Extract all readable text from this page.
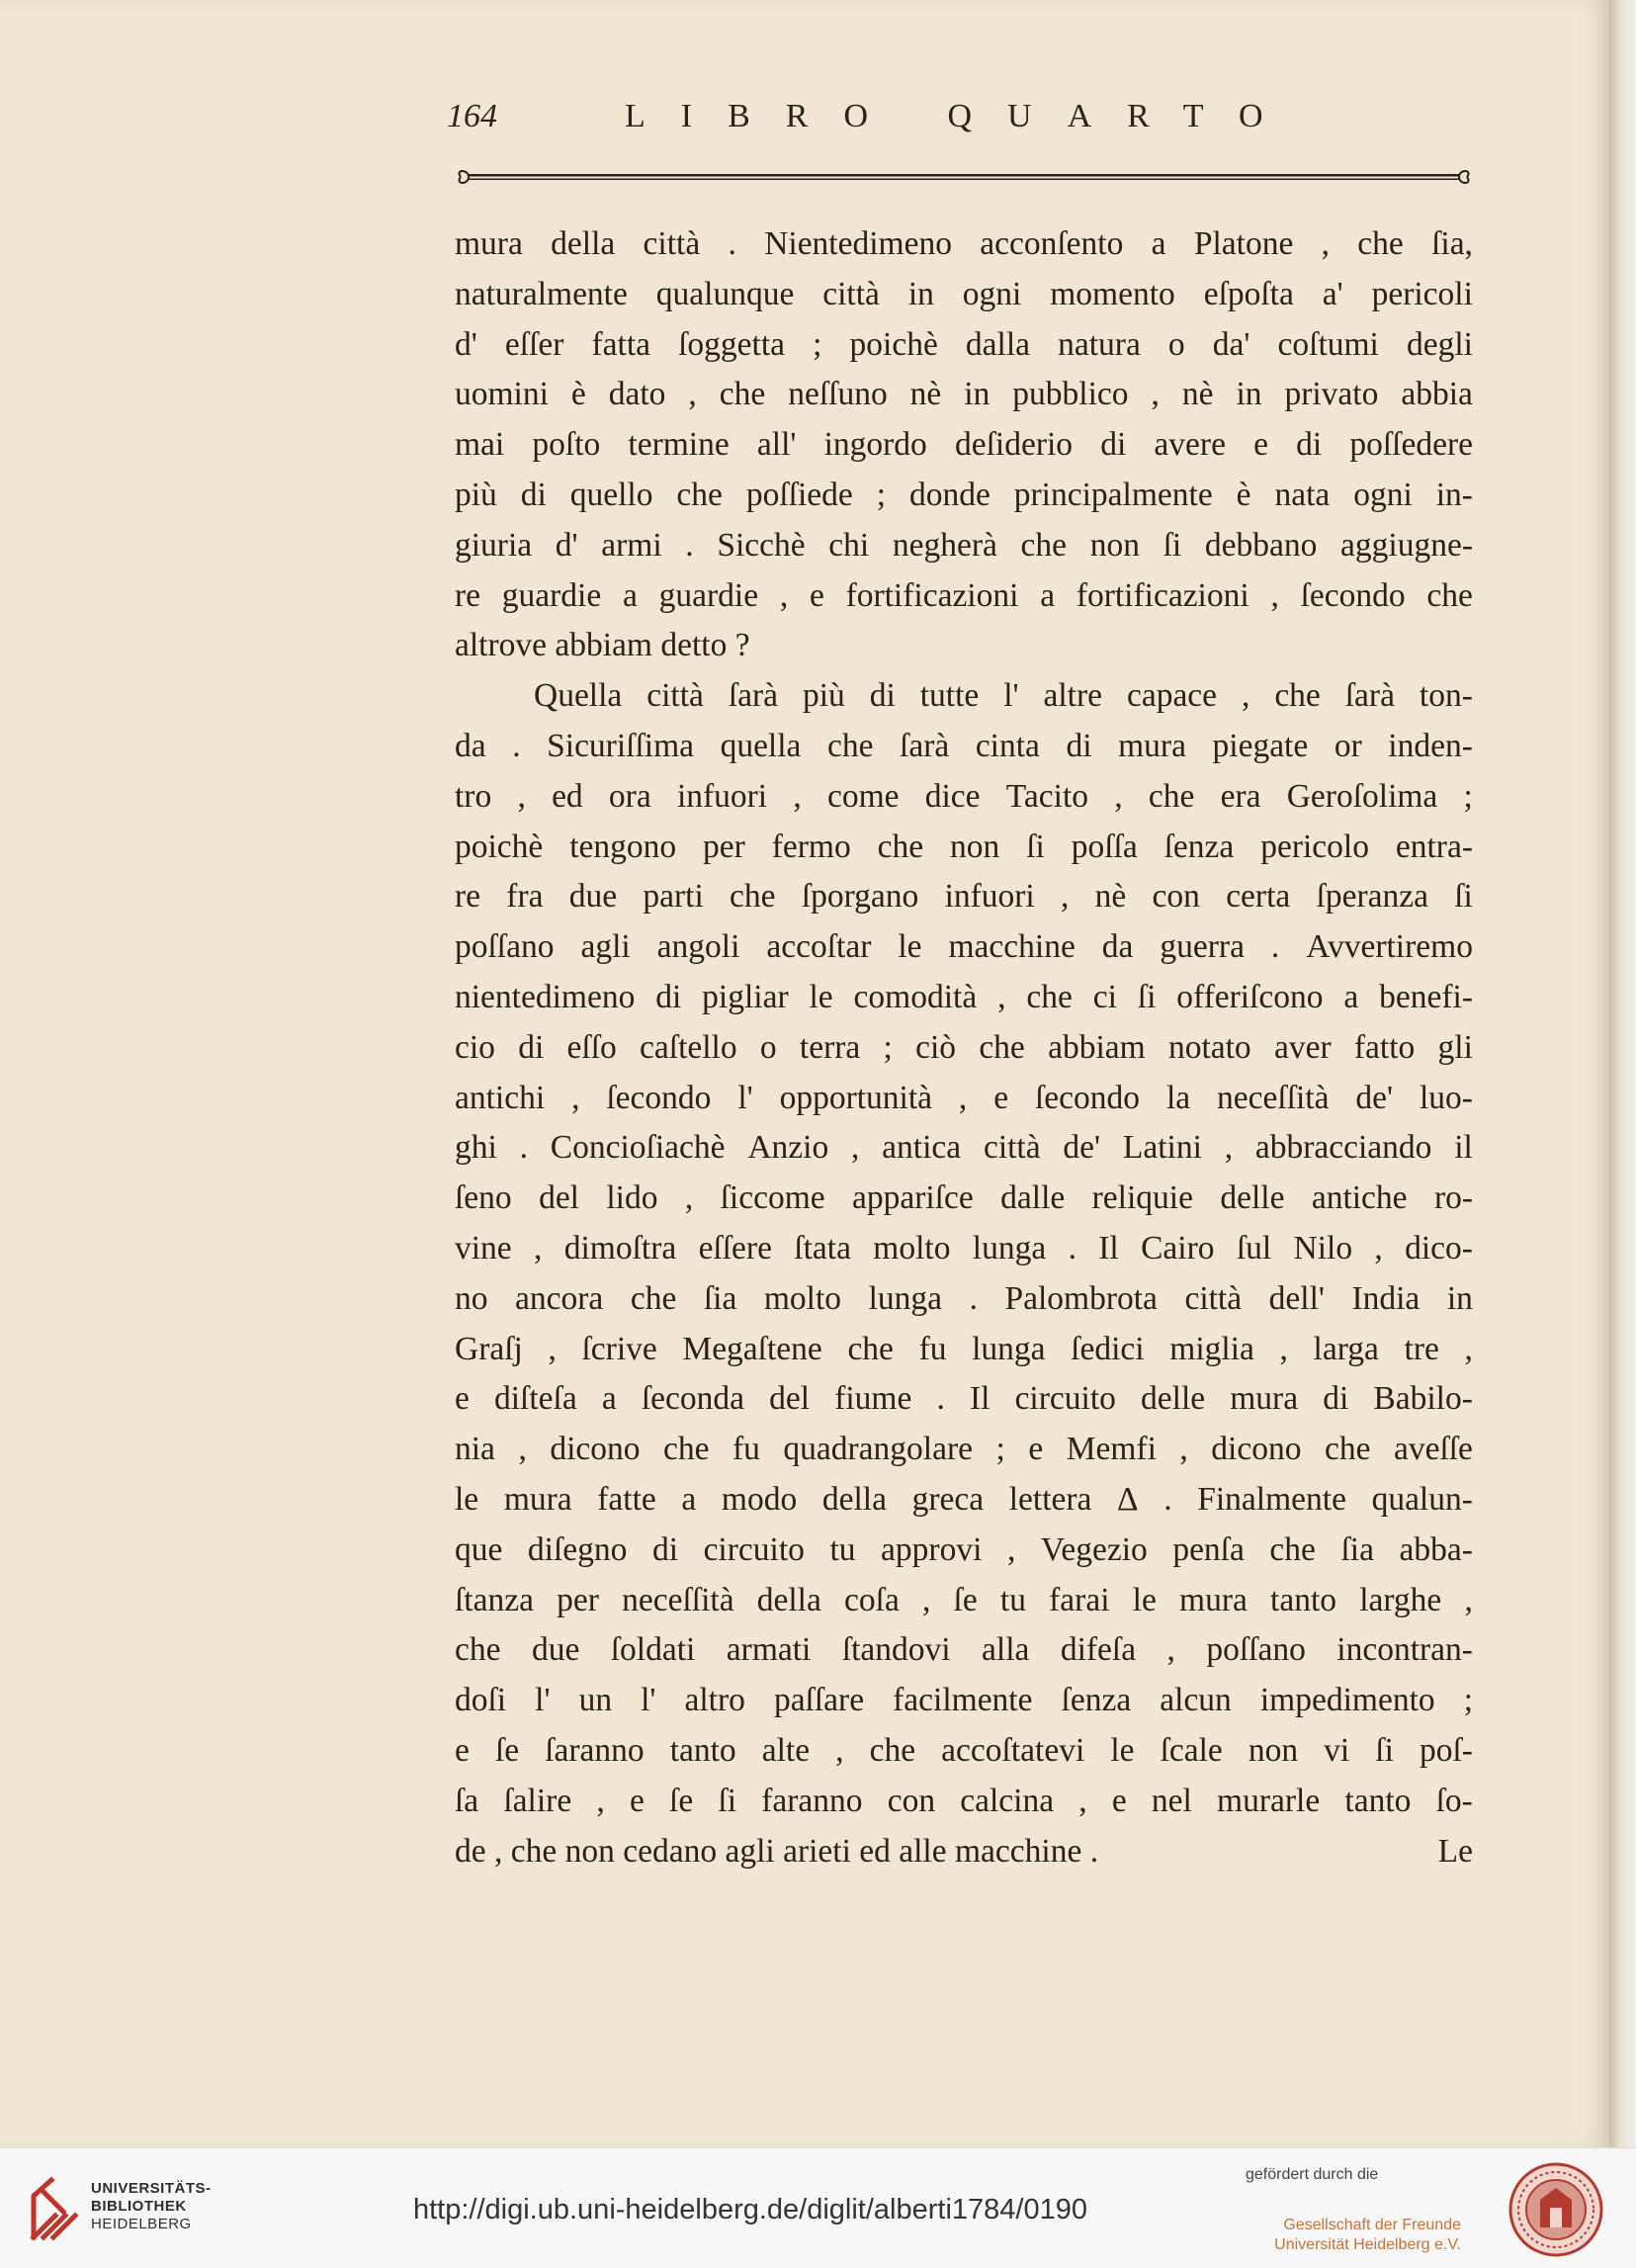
164	LIBRO QUARTO
mura della città . Nientedimeno acconſento a Platone , che ſia,
naturalmente qualunque città in ogni momento eſpoſta a' pericoli
d' eſſer fatta ſoggetta ; poichè dalla natura o da' coſtumi degli
uomini è dato , che neſſuno nè in pubblico , nè in privato abbia
mai poſto termine all' ingordo deſiderio di avere e di poſſedere
più di quello che poſſiede ; donde principalmente è nata ogni in-
giuria d' armi . Sicchè chi negherà che non ſi debbano aggiugne-
re guardie a guardie , e fortificazioni a fortificazioni , ſecondo che
altrove abbiam detto ?
Quella città ſarà più di tutte l' altre capace , che ſarà ton-
da . Sicuriſſima quella che ſarà cinta di mura piegate or inden-
tro , ed ora infuori , come dice Tacito , che era Geroſolima ;
poichè tengono per fermo che non ſi poſſa ſenza pericolo entra-
re fra due parti che ſporgano infuori , nè con certa ſperanza ſi
poſſano agli angoli accoſtar le macchine da guerra . Avvertiremo
nientedimeno di pigliar le comodità , che ci ſi offeriſcono a benefi-
cio di eſſo caſtello o terra ; ciò che abbiam notato aver fatto gli
antichi , ſecondo l' opportunità , e ſecondo la neceſſità de' luo-
ghi . Concioſiachè Anzio , antica città de' Latini , abbracciando il
ſeno del lido , ſiccome appariſce dalle reliquie delle antiche ro-
vine , dimoſtra eſſere ſtata molto lunga . Il Cairo ſul Nilo , dico-
no ancora che ſia molto lunga . Palombrota città dell' India in
Graſj , ſcrive Megaſtene che fu lunga ſedici miglia , larga tre ,
e diſteſa a ſeconda del fiume . Il circuito delle mura di Babilo-
nia , dicono che fu quadrangolare ; e Memfi , dicono che aveſſe
le mura fatte a modo della greca lettera Δ . Finalmente qualun-
que diſegno di circuito tu approvi , Vegezio penſa che ſia abba-
ſtanza per neceſſità della coſa , ſe tu farai le mura tanto larghe ,
che due ſoldati armati ſtandovi alla difeſa , poſſano incontran-
doſi l' un l' altro paſſare facilmente ſenza alcun impedimento ;
e ſe ſaranno tanto alte , che accoſtatevi le ſcale non vi ſi poſ-
ſa ſalire , e ſe ſi faranno con calcina , e nel murarle tanto ſo-
de , che non cedano agli arieti ed alle macchine .	Le
UNIVERSITÄTS-
BIBLIOTHEK
HEIDELBERG	http://digi.ub.uni-heidelberg.de/diglit/alberti1784/0190
gefördert durch die
Gesellschaft der Freunde
Universität Heidelberg e.V.
